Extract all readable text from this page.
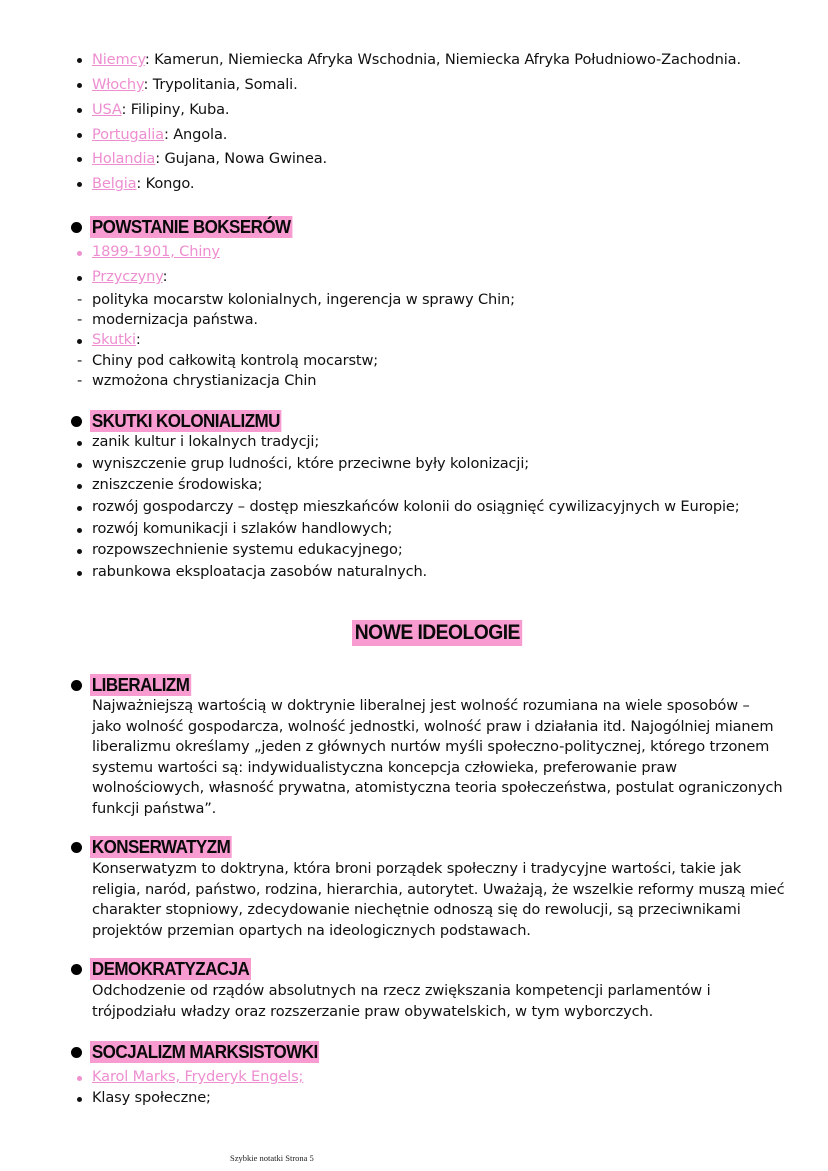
Niemcy: Kamerun, Niemiecka Afryka Wschodnia, Niemiecka Afryka Południowo-Zachodnia.
Włochy: Trypolitania, Somali.
USA: Filipiny, Kuba.
Portugalia: Angola.
Holandia: Gujana, Nowa Gwinea.
Belgia: Kongo.
POWSTANIE BOKSERÓW
1899-1901, Chiny
Przyczyny:
- polityka mocarstw kolonialnych, ingerencja w sprawy Chin;
- modernizacja państwa.
Skutki:
- Chiny pod całkowitą kontrolą mocarstw;
- wzmożona chrystianizacja Chin
SKUTKI KOLONIALIZMU
zanik kultur i lokalnych tradycji;
wyniszczenie grup ludności, które przeciwne były kolonizacji;
zniszczenie środowiska;
rozwój gospodarczy – dostęp mieszkańców kolonii do osiągnięć cywilizacyjnych w Europie;
rozwój komunikacji i szlaków handlowych;
rozpowszechnienie systemu edukacyjnego;
rabunkowa eksploatacja zasobów naturalnych.
NOWE IDEOLOGIE
LIBERALIZM
Najważniejszą wartością w doktrynie liberalnej jest wolność rozumiana na wiele sposobów –
jako wolność gospodarcza, wolność jednostki, wolność praw i działania itd. Najogólniej mianem
liberalizmu określamy „jeden z głównych nurtów myśli społeczno-politycznej, którego trzonem
systemu wartości są: indywidualistyczna koncepcja człowieka, preferowanie praw
wolnościowych, własność prywatna, atomistyczna teoria społeczeństwa, postulat ograniczonych
funkcji państwa”.
KONSERWATYZM
Konserwatyzm to doktryna, która broni porządek społeczny i tradycyjne wartości, takie jak
religia, naród, państwo, rodzina, hierarchia, autorytet. Uważają, że wszelkie reformy muszą mieć
charakter stopniowy, zdecydowanie niechętnie odnoszą się do rewolucji, są przeciwnikami
projektów przemian opartych na ideologicznych podstawach.
DEMOKRATYZACJA
Odchodzenie od rządów absolutnych na rzecz zwiększania kompetencji parlamentów i
trójpodziału władzy oraz rozszerzanie praw obywatelskich, w tym wyborczych.
SOCJALIZM MARKSISTOWKI
Karol Marks, Fryderyk Engels;
Klasy społeczne;
Szybkie notatki Strona 5
